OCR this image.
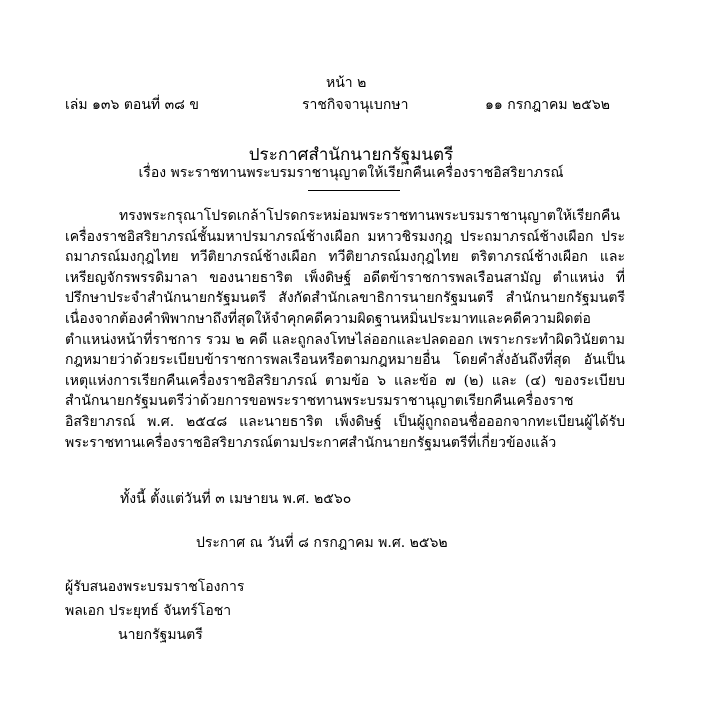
หน้า ๒
เล่ม ๑๓๖ ตอนที่ ๓๘ ข	ราชกิจจานุเบกษา	๑๑ กรกฎาคม ๒๕๖๒
ประกาศสำนักนายกรัฐมนตรี
เรื่อง พระราชทานพระบรมราชานุญาตให้เรียกคืนเครื่องราชอิสริยาภรณ์
ทรงพระกรุณาโปรดเกล้าโปรดกระหม่อมพระราชทานพระบรมราชานุญาตให้เรียกคืนเครื่องราชอิสริยาภรณ์ชั้นมหาปรมาภรณ์ช้างเผือก มหาวชิรมงกุฎ ประถมาภรณ์ช้างเผือก ประถมาภรณ์มงกุฎไทย ทวีติยาภรณ์ช้างเผือก ทวีติยาภรณ์มงกุฎไทย ตริตาภรณ์ช้างเผือก และเหรียญจักรพรรดิมาลา ของนายธาริต เพ็งดิษฐ์ อดีตข้าราชการพลเรือนสามัญ ตำแหน่ง ที่ปรึกษาประจำสำนักนายกรัฐมนตรี สังกัดสำนักเลขาธิการนายกรัฐมนตรี สำนักนายกรัฐมนตรี เนื่องจากต้องคำพิพากษาถึงที่สุดให้จำคุกคดีความผิดฐานหมิ่นประมาทและคดีความผิดต่อตำแหน่งหน้าที่ราชการ รวม ๒ คดี และถูกลงโทษไล่ออกและปลดออก เพราะกระทำผิดวินัยตามกฎหมายว่าด้วยระเบียบข้าราชการพลเรือนหรือตามกฎหมายอื่น โดยคำสั่งอันถึงที่สุด อันเป็นเหตุแห่งการเรียกคืนเครื่องราชอิสริยาภรณ์ ตามข้อ ๖ และข้อ ๗ (๒) และ (๔) ของระเบียบสำนักนายกรัฐมนตรีว่าด้วยการขอพระราชทานพระบรมราชานุญาตเรียกคืนเครื่องราชอิสริยาภรณ์ พ.ศ. ๒๕๔๘ และนายธาริต เพ็งดิษฐ์ เป็นผู้ถูกถอนชื่อออกจากทะเบียนผู้ได้รับพระราชทานเครื่องราชอิสริยาภรณ์ตามประกาศสำนักนายกรัฐมนตรีที่เกี่ยวข้องแล้ว
ทั้งนี้ ตั้งแต่วันที่ ๓ เมษายน พ.ศ. ๒๕๖๐
ประกาศ ณ วันที่ ๘ กรกฎาคม พ.ศ. ๒๕๖๒
ผู้รับสนองพระบรมราชโองการ
พลเอก ประยุทธ์ จันทร์โอชา
นายกรัฐมนตรี
